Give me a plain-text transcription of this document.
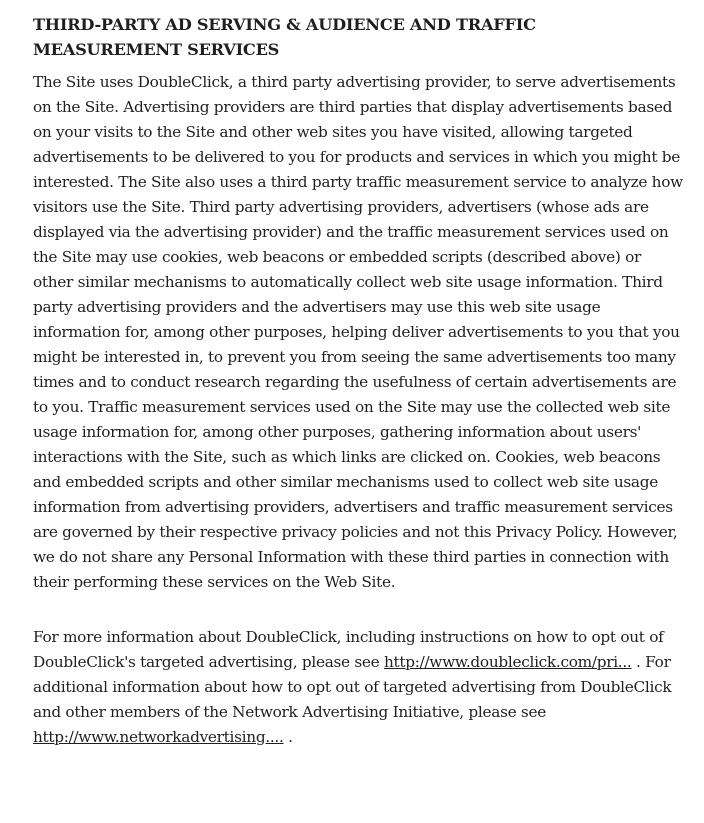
THIRD-PARTY AD SERVING & AUDIENCE AND TRAFFIC MEASUREMENT SERVICES

The Site uses DoubleClick, a third party advertising provider, to serve advertisements on the Site. Advertising providers are third parties that display advertisements based on your visits to the Site and other web sites you have visited, allowing targeted advertisements to be delivered to you for products and services in which you might be interested. The Site also uses a third party traffic measurement service to analyze how visitors use the Site. Third party advertising providers, advertisers (whose ads are displayed via the advertising provider) and the traffic measurement services used on the Site may use cookies, web beacons or embedded scripts (described above) or other similar mechanisms to automatically collect web site usage information. Third party advertising providers and the advertisers may use this web site usage information for, among other purposes, helping deliver advertisements to you that you might be interested in, to prevent you from seeing the same advertisements too many times and to conduct research regarding the usefulness of certain advertisements are to you. Traffic measurement services used on the Site may use the collected web site usage information for, among other purposes, gathering information about users' interactions with the Site, such as which links are clicked on. Cookies, web beacons and embedded scripts and other similar mechanisms used to collect web site usage information from advertising providers, advertisers and traffic measurement services are governed by their respective privacy policies and not this Privacy Policy. However, we do not share any Personal Information with these third parties in connection with their performing these services on the Web Site.

For more information about DoubleClick, including instructions on how to opt out of DoubleClick's targeted advertising, please see http://www.doubleclick.com/pri... . For additional information about how to opt out of targeted advertising from DoubleClick and other members of the Network Advertising Initiative, please see http://www.networkadvertising.... .
